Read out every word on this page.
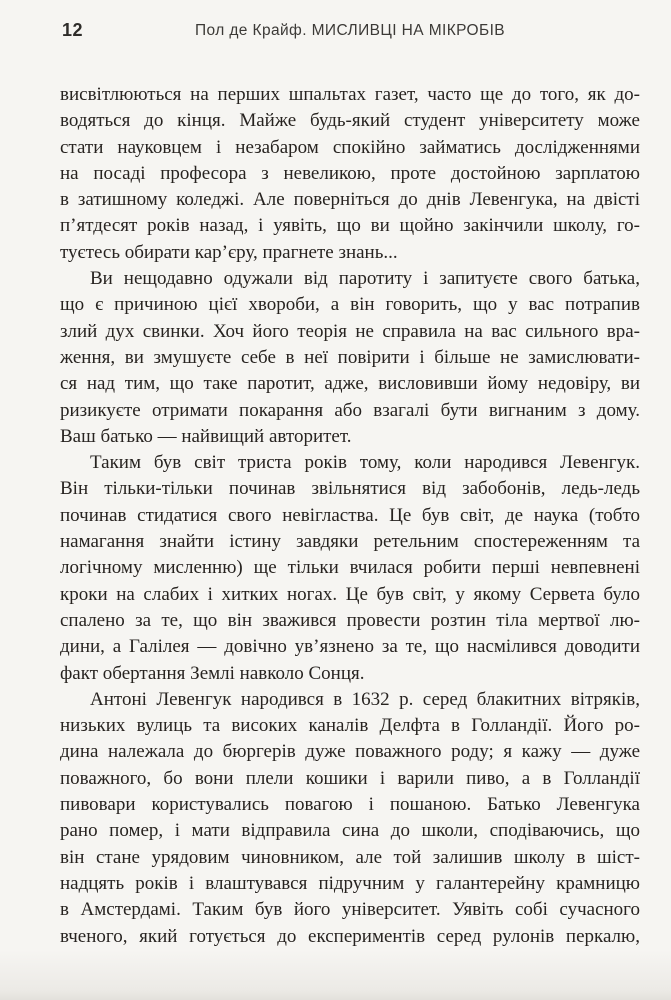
12	Пол де Крайф. МИСЛИВЦІ НА МІКРОБІВ
висвітлюються на перших шпальтах газет, часто ще до того, як до-
водяться до кінця. Майже будь-який студент університету може
стати науковцем і незабаром спокійно займатись дослідженнями
на посаді професора з невеликою, проте достойною зарплатою
в затишному коледжі. Але поверніться до днів Левенгука, на двісті
п’ятдесят років назад, і уявіть, що ви щойно закінчили школу, го-
туєтесь обирати кар’єру, прагнете знань...
Ви нещодавно одужали від паротиту і запитуєте свого батька,
що є причиною цієї хвороби, а він говорить, що у вас потрапив
злий дух свинки. Хоч його теорія не справила на вас сильного вра-
ження, ви змушуєте себе в неї повірити і більше не замислювати-
ся над тим, що таке паротит, адже, висловивши йому недовіру, ви
ризикуєте отримати покарання або взагалі бути вигнаним з дому.
Ваш батько — найвищий авторитет.
Таким був світ триста років тому, коли народився Левенгук.
Він тільки-тільки починав звільнятися від забобонів, ледь-ледь
починав стидатися свого невігластва. Це був світ, де наука (тобто
намагання знайти істину завдяки ретельним спостереженням та
логічному мисленню) ще тільки вчилася робити перші невпевнені
кроки на слабих і хитких ногах. Це був світ, у якому Сервета було
спалено за те, що він зважився провести розтин тіла мертвої лю-
дини, а Галілея — довічно ув’язнено за те, що насмілився доводити
факт обертання Землі навколо Сонця.
Антоні Левенгук народився в 1632 р. серед блакитних вітряків,
низьких вулиць та високих каналів Делфта в Голландії. Його ро-
дина належала до бюргерів дуже поважного роду; я кажу — дуже
поважного, бо вони плели кошики і варили пиво, а в Голландії
пивовари користувались повагою і пошаною. Батько Левенгука
рано помер, і мати відправила сина до школи, сподіваючись, що
він стане урядовим чиновником, але той залишив школу в шіст-
надцять років і влаштувався підручним у галантерейну крамницю
в Амстердамі. Таким був його університет. Уявіть собі сучасного
вченого, який готується до експериментів серед рулонів перкалю,
